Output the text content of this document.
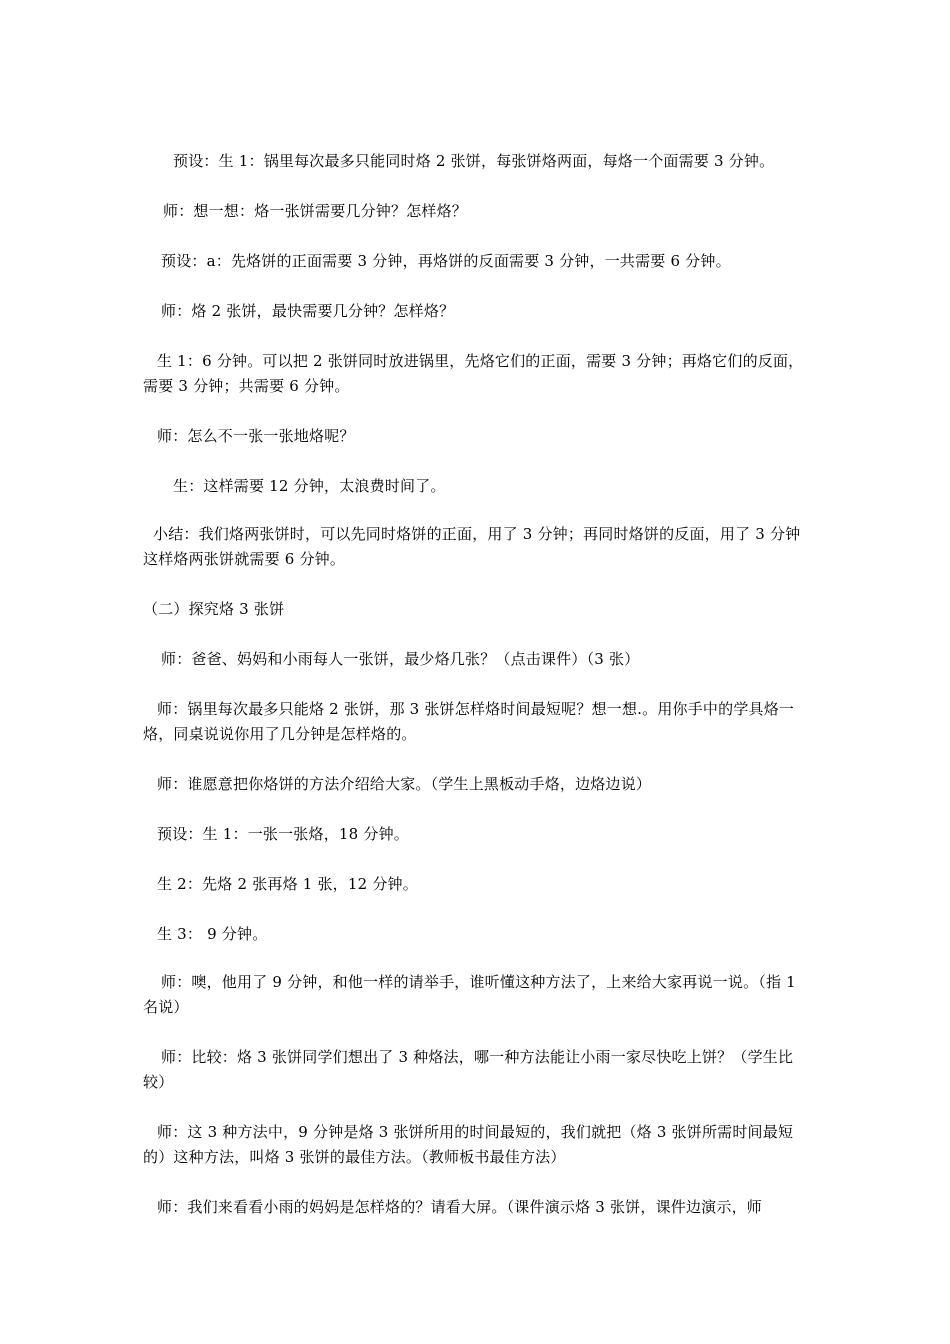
预设：生 1：锅里每次最多只能同时烙 2 张饼，每张饼烙两面，每烙一个面需要 3 分钟。

师：想一想：烙一张饼需要几分钟？怎样烙？

预设：a：先烙饼的正面需要 3 分钟，再烙饼的反面需要 3 分钟，一共需要 6 分钟。

师：烙 2 张饼，最快需要几分钟？怎样烙？

生 1：6 分钟。可以把 2 张饼同时放进锅里，先烙它们的正面，需要 3 分钟；再烙它们的反面，需要 3 分钟；共需要 6 分钟。

师：怎么不一张一张地烙呢？

生：这样需要 12 分钟，太浪费时间了。

小结：我们烙两张饼时，可以先同时烙饼的正面，用了 3 分钟；再同时烙饼的反面，用了 3 分钟这样烙两张饼就需要 6 分钟。

（二）探究烙 3 张饼

师：爸爸、妈妈和小雨每人一张饼，最少烙几张？（点击课件）（3 张）

师：锅里每次最多只能烙 2 张饼，那 3 张饼怎样烙时间最短呢？想一想.。用你手中的学具烙一烙，同桌说说你用了几分钟是怎样烙的。

师：谁愿意把你烙饼的方法介绍给大家。（学生上黑板动手烙，边烙边说）

预设：生 1：一张一张烙，18 分钟。

生 2：先烙 2 张再烙 1 张，12 分钟。

生 3： 9 分钟。

师：噢，他用了 9 分钟，和他一样的请举手，谁听懂这种方法了，上来给大家再说一说。（指 1 名说）

师：比较：烙 3 张饼同学们想出了 3 种烙法，哪一种方法能让小雨一家尽快吃上饼？（学生比较）

师：这 3 种方法中，9 分钟是烙 3 张饼所用的时间最短的，我们就把（烙 3 张饼所需时间最短的）这种方法，叫烙 3 张饼的最佳方法。（教师板书最佳方法）

师：我们来看看小雨的妈妈是怎样烙的？请看大屏。（课件演示烙 3 张饼，课件边演示，师
